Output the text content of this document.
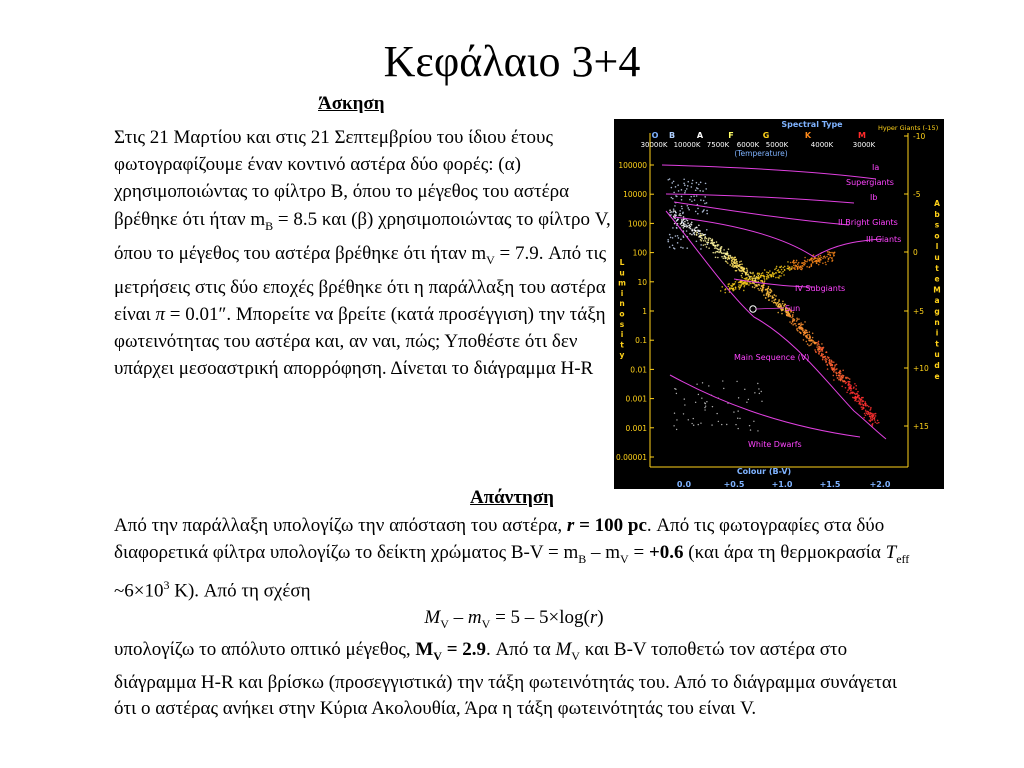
Κεφάλαιο 3+4
Άσκηση
Στις 21 Μαρτίου και στις 21 Σεπτεμβρίου του ίδιου έτους φωτογραφίζουμε έναν κοντινό αστέρα δύο φορές: (α) χρησιμοποιώντας το φίλτρο B, όπου το μέγεθος του αστέρα βρέθηκε ότι ήταν $m_B = 8.5$ και (β) χρησιμοποιώντας το φίλτρο V, όπου το μέγεθος του αστέρα βρέθηκε ότι ήταν $m_V = 7.9$. Από τις μετρήσεις στις δύο εποχές βρέθηκε ότι η παράλλαξη του αστέρα είναι π = 0.01″. Μπορείτε να βρείτε (κατά προσέγγιση) την τάξη φωτεινότητας του αστέρα και, αν ναι, πώς; Υποθέστε ότι δεν υπάρχει μεσοαστρική απορρόφηση. Δίνεται το διάγραμμα H-R
Spectral Type
O B	A	F	G	K	M
30000K 10000K 7500K 6000K 5000K	4000K	3000K
(Temperature)
Hyper Giants (-15)
100000
10000
1000
100
10
1
0.1
0.01
0.001
0.001
0.00001
-10
-5
0
+5
+10
+15
0.0	+0.5	+1.0	+1.5	+2.0
Colour (B-V)
L
u
m
i
n
o
s
i
t
y
A
b
s
o
l
u
t
e
M
a
g
n
i
t
u
d
e
Ia
Supergiants
Ib
II Bright Giants
III Giants
IV Subgiants
Sun
Main Sequence (V)
White Dwarfs
Απάντηση
Από την παράλλαξη υπολογίζω την απόσταση του αστέρα, r = 100 pc. Από τις φωτογραφίες στα δύο διαφορετικά φίλτρα υπολογίζω το δείκτη χρώματος $B-V = m_B - m_V = +0.6$ (και άρα τη θερμοκρασία $T_{eff}$ $\sim 6\times 10^3$ K). Από τη σχέση
$M_V - m_V = 5 - 5\times\log(r)$
υπολογίζω το απόλυτο οπτικό μέγεθος, $M_V = 2.9$. Από τα $M_V$ και B-V τοποθετώ τον αστέρα στο διάγραμμα H-R και βρίσκω (προσεγγιστικά) την τάξη φωτεινότητάς του. Από το διάγραμμα συνάγεται ότι ο αστέρας ανήκει στην Κύρια Ακολουθία, Άρα η τάξη φωτεινότητάς του είναι V.
